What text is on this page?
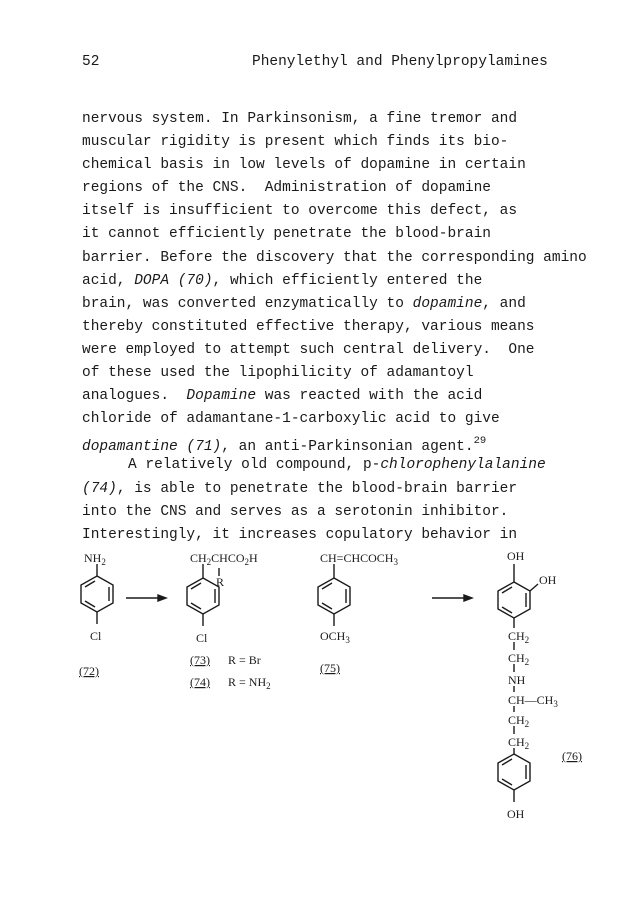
52	Phenylethyl and Phenylpropylamines
nervous system. In Parkinsonism, a fine tremor and
muscular rigidity is present which finds its bio-
chemical basis in low levels of dopamine in certain
regions of the CNS.  Administration of dopamine
itself is insufficient to overcome this defect, as
it cannot efficiently penetrate the blood-brain
barrier. Before the discovery that the corresponding amino
acid, DOPA (70), which efficiently entered the
brain, was converted enzymatically to dopamine, and
thereby constituted effective therapy, various means
were employed to attempt such central delivery.  One
of these used the lipophilicity of adamantoyl
analogues.  Dopamine was reacted with the acid
chloride of adamantane-1-carboxylic acid to give
dopamantine (71), an anti-Parkinsonian agent.$^{29}$
A relatively old compound, p-chlorophenylalanine
(74), is able to penetrate the blood-brain barrier
into the CNS and serves as a serotonin inhibitor.
Interestingly, it increases copulatory behavior in
$NH_2$
Cl
(72)
$CH_2CHCO_2H$
R
Cl
(73) R = Br
(74) $R = NH_2$
$CH=CHCOCH_3$
$OCH_3$
(75)
OH
OH
$CH_2$
$CH_2$
NH
$CH—CH_3$
$CH_2$
$CH_2$
(76)
OH
